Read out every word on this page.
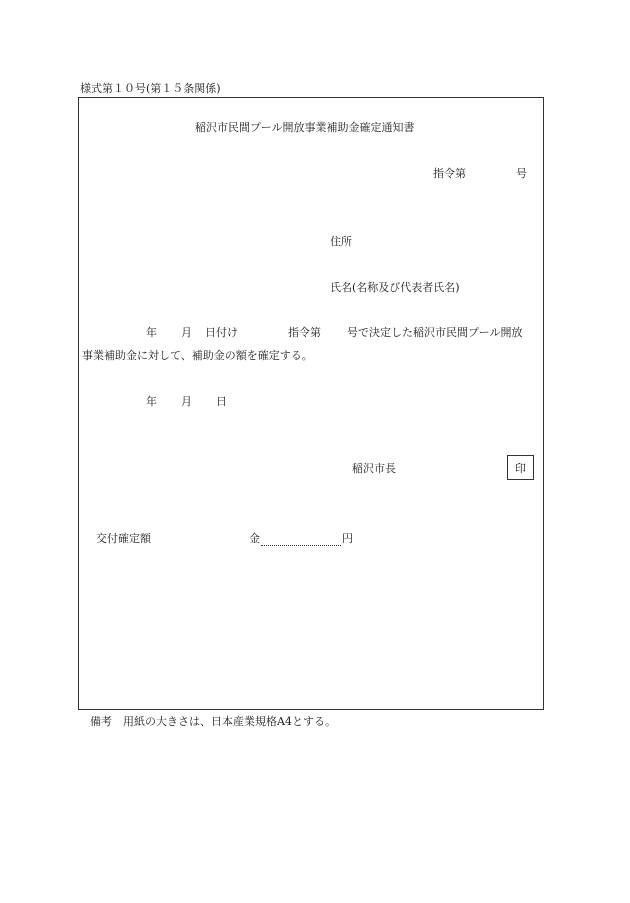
様式第１０号(第１５条関係)
稲沢市民間プール開放事業補助金確定通知書
指令第	号
住所
氏名(名称及び代表者氏名)
年 月 日付け	指令第 号で決定した稲沢市民間プール開放
事業補助金に対して、補助金の額を確定する。
年 月 日
稲沢市長	印
交付確定額	金	円
備考　用紙の大きさは、日本産業規格A4とする。
